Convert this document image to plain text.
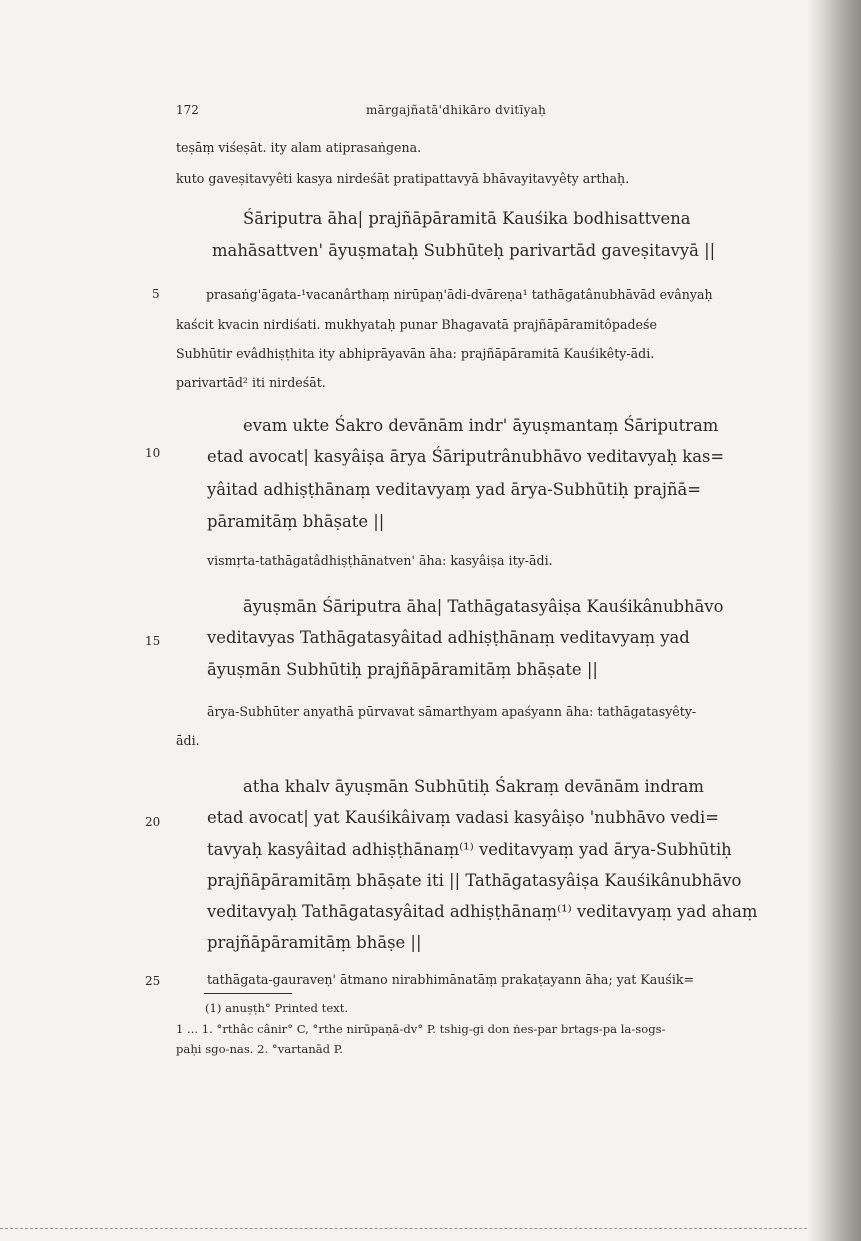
172	mārgajñatā'dhikāro dvitīyaḥ
5
10
15
20
25
teṣāṃ viśeṣāt. ity alam atiprasaṅgena.
kuto gaveṣitavyêti kasya nirdeśāt pratipattavyā bhāvayitavyêty arthaḥ.
Śāriputra āha| prajñāpāramitā Kauśika bodhisattvena
mahāsattven' āyuṣmataḥ Subhūteḥ parivartād gaveṣitavyā ||
prasaṅg'āgata-¹vacanârthaṃ nirūpaṇ'ādi-dvāreṇa¹ tathāgatânubhāvād evânyaḥ
kaścit kvacin nirdiśati. mukhyataḥ punar Bhagavatā prajñāpāramitôpadeśe
Subhūtir evâdhiṣṭhita ity abhiprāyavān āha: prajñāpāramitā Kauśikêty-ādi.
parivartād² iti nirdeśāt.
evam ukte Śakro devānām indr' āyuṣmantaṃ Śāriputram
etad avocat| kasyâiṣa ārya Śāriputrânubhāvo veditavyaḥ kas=
yâitad adhiṣṭhānaṃ veditavyaṃ yad ārya-Subhūtiḥ prajñā=
pāramitāṃ bhāṣate ||
vismṛta-tathāgatâdhiṣṭhānatven' āha: kasyâiṣa ity-ādi.
āyuṣmān Śāriputra āha| Tathāgatasyâiṣa Kauśikânubhāvo
veditavyas Tathāgatasyâitad adhiṣṭhānaṃ veditavyaṃ yad
āyuṣmān Subhūtiḥ prajñāpāramitāṃ bhāṣate ||
ārya-Subhūter anyathā pūrvavat sāmarthyam apaśyann āha: tathāgatasyêty-
ādi.
atha khalv āyuṣmān Subhūtiḥ Śakraṃ devānām indram
etad avocat| yat Kauśikâivaṃ vadasi kasyâiṣo 'nubhāvo vedi=
tavyaḥ kasyâitad adhiṣṭhānaṃ⁽¹⁾ veditavyaṃ yad ārya-Subhūtiḥ
prajñāpāramitāṃ bhāṣate iti || Tathāgatasyâiṣa Kauśikânubhāvo
veditavyaḥ Tathāgatasyâitad adhiṣṭhānaṃ⁽¹⁾ veditavyaṃ yad ahaṃ
prajñāpāramitāṃ bhāṣe ||
tathāgata-gauraveṇ' ātmano nirabhimānatāṃ prakaṭayann āha; yat Kauśik=
(1) anuṣṭh° Printed text.
1 ... 1. °rthâc cânir° C, °rthe nirūpaṇā-dv° P. tshig-gi don ṅes-par brtags-pa la-sogs-
paḥi sgo-nas. 2. °vartanād P.
